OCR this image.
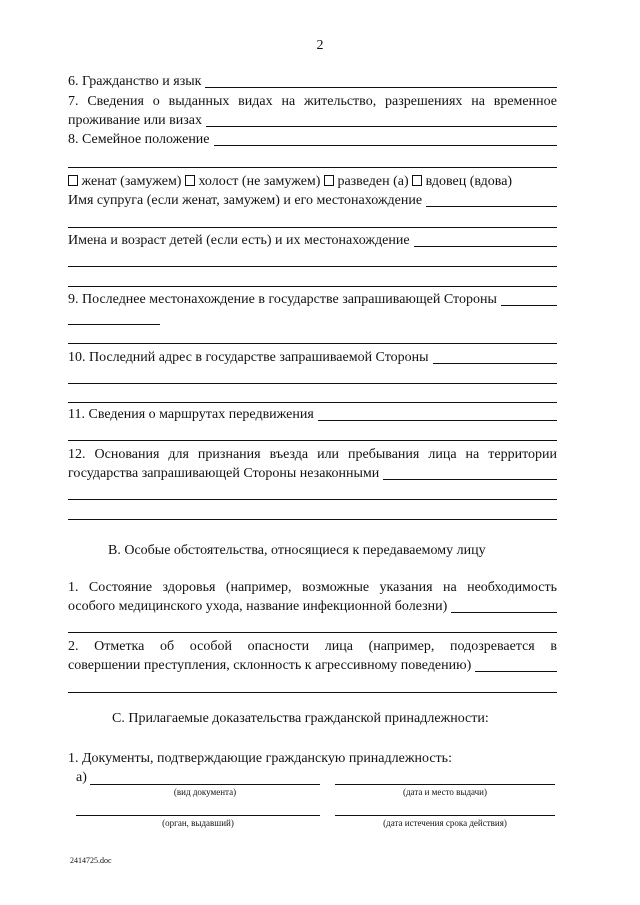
2
6. Гражданство и язык
7. Сведения о выданных видах на жительство, разрешениях на временное
проживание или визах
8. Семейное положение
женат (замужем) холост (не замужем) разведен (а) вдовец (вдова)
Имя супруга (если женат, замужем) и его местонахождение
Имена и возраст детей (если есть) и их местонахождение
9. Последнее местонахождение в государстве запрашивающей Стороны
10. Последний адрес в государстве запрашиваемой Стороны
11. Сведения о маршрутах передвижения
12. Основания для признания въезда или пребывания лица на территории
государства запрашивающей Стороны незаконными
B. Особые обстоятельства, относящиеся к передаваемому лицу
1. Состояние здоровья (например, возможные указания на необходимость
особого медицинского ухода, название инфекционной болезни)
2. Отметка об особой опасности лица (например, подозревается в
совершении преступления, склонность к агрессивному поведению)
C. Прилагаемые доказательства гражданской принадлежности:
1. Документы, подтверждающие гражданскую принадлежность:
а)
(вид документа)	(дата и место выдачи)
(орган, выдавший)	(дата истечения срока действия)
2414725.doc
